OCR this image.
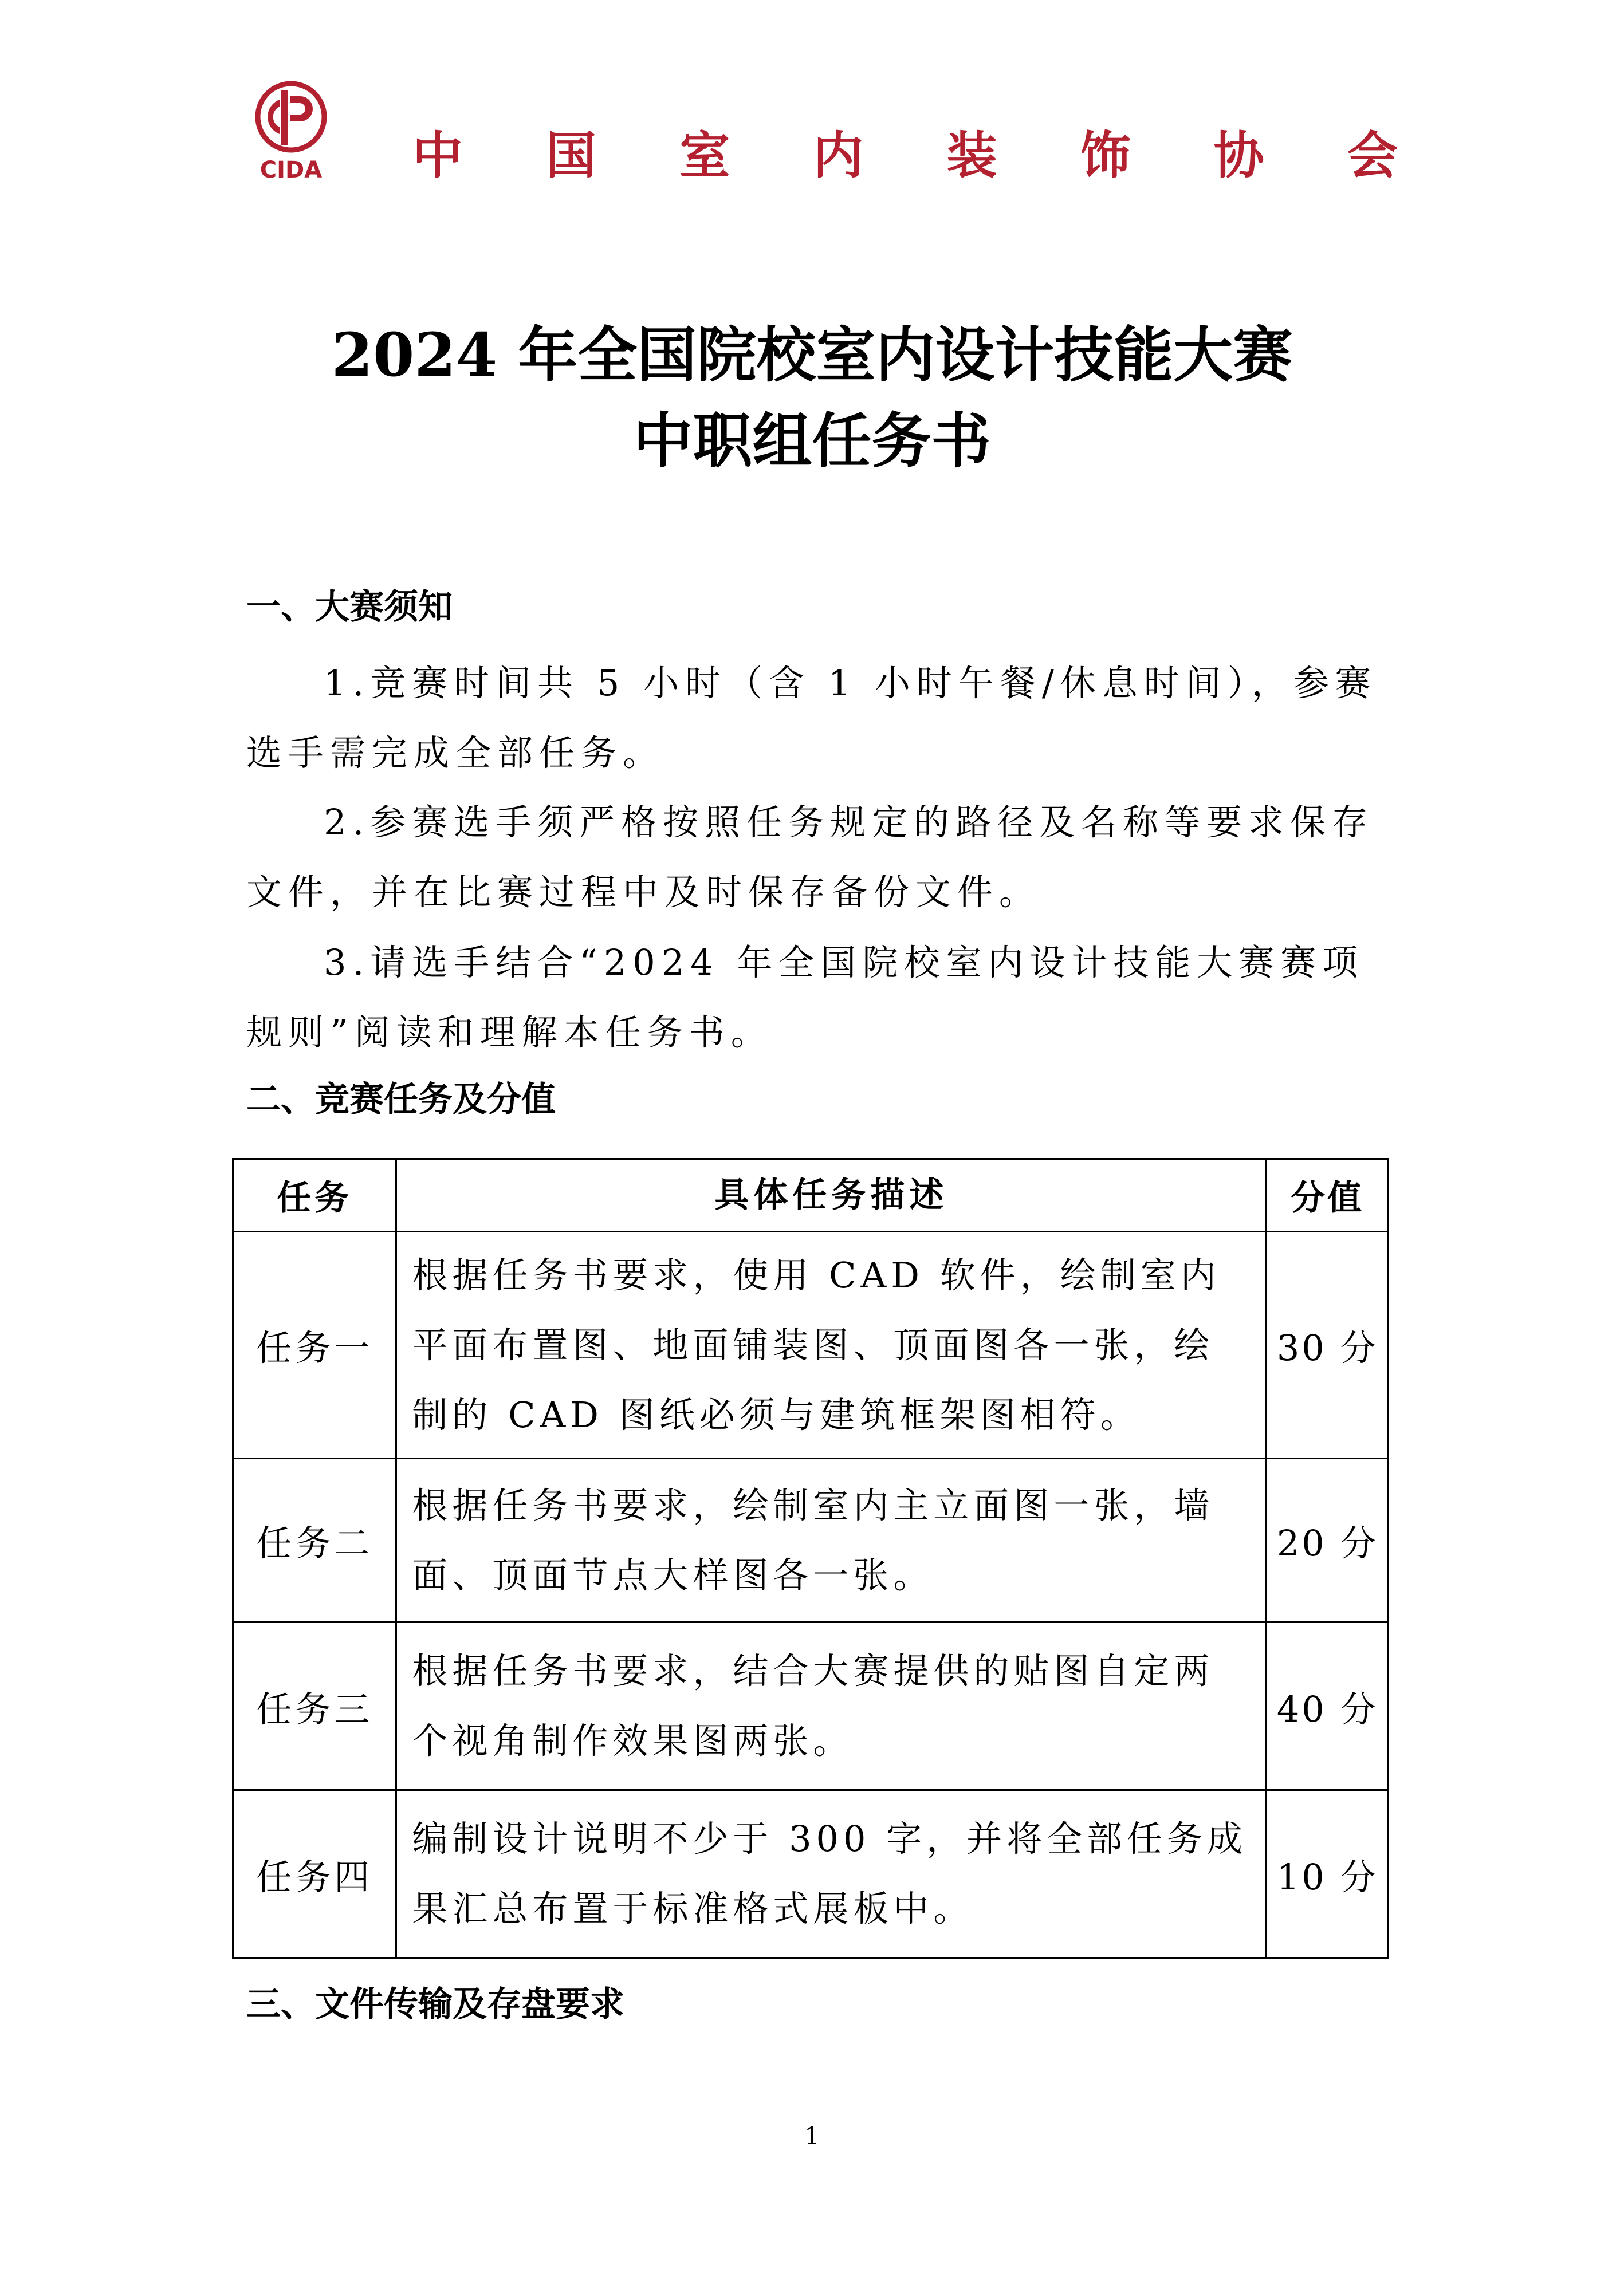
CIDA 中 国 室 内 装 饰 协 会
2024 年全国院校室内设计技能大赛
中职组任务书
一、大赛须知
1.竞赛时间共 5 小时（含 1 小时午餐/休息时间），参赛选手需完成全部任务。
2.参赛选手须严格按照任务规定的路径及名称等要求保存文件，并在比赛过程中及时保存备份文件。
3.请选手结合“2024 年全国院校室内设计技能大赛赛项规则”阅读和理解本任务书。
二、竞赛任务及分值
任务	具体任务描述	分值
任务一	根据任务书要求，使用 CAD 软件，绘制室内平面布置图、地面铺装图、顶面图各一张，绘制的 CAD 图纸必须与建筑框架图相符。	30 分
任务二	根据任务书要求，绘制室内主立面图一张，墙面、顶面节点大样图各一张。	20 分
任务三	根据任务书要求，结合大赛提供的贴图自定两个视角制作效果图两张。	40 分
任务四	编制设计说明不少于 300 字，并将全部任务成果汇总布置于标准格式展板中。	10 分
三、文件传输及存盘要求
1
